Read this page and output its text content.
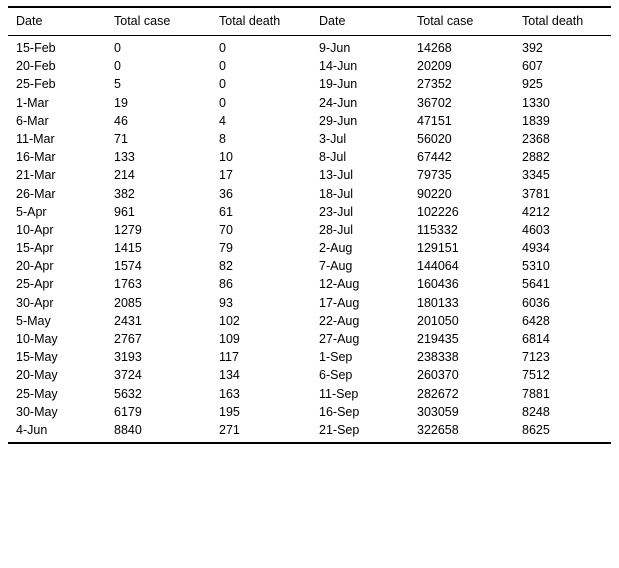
Date	Total case	Total death	Date	Total case	Total death
15-Feb	0	0	9-Jun	14268	392
20-Feb	0	0	14-Jun	20209	607
25-Feb	5	0	19-Jun	27352	925
1-Mar	19	0	24-Jun	36702	1330
6-Mar	46	4	29-Jun	47151	1839
11-Mar	71	8	3-Jul	56020	2368
16-Mar	133	10	8-Jul	67442	2882
21-Mar	214	17	13-Jul	79735	3345
26-Mar	382	36	18-Jul	90220	3781
5-Apr	961	61	23-Jul	102226	4212
10-Apr	1279	70	28-Jul	115332	4603
15-Apr	1415	79	2-Aug	129151	4934
20-Apr	1574	82	7-Aug	144064	5310
25-Apr	1763	86	12-Aug	160436	5641
30-Apr	2085	93	17-Aug	180133	6036
5-May	2431	102	22-Aug	201050	6428
10-May	2767	109	27-Aug	219435	6814
15-May	3193	117	1-Sep	238338	7123
20-May	3724	134	6-Sep	260370	7512
25-May	5632	163	11-Sep	282672	7881
30-May	6179	195	16-Sep	303059	8248
4-Jun	8840	271	21-Sep	322658	8625
